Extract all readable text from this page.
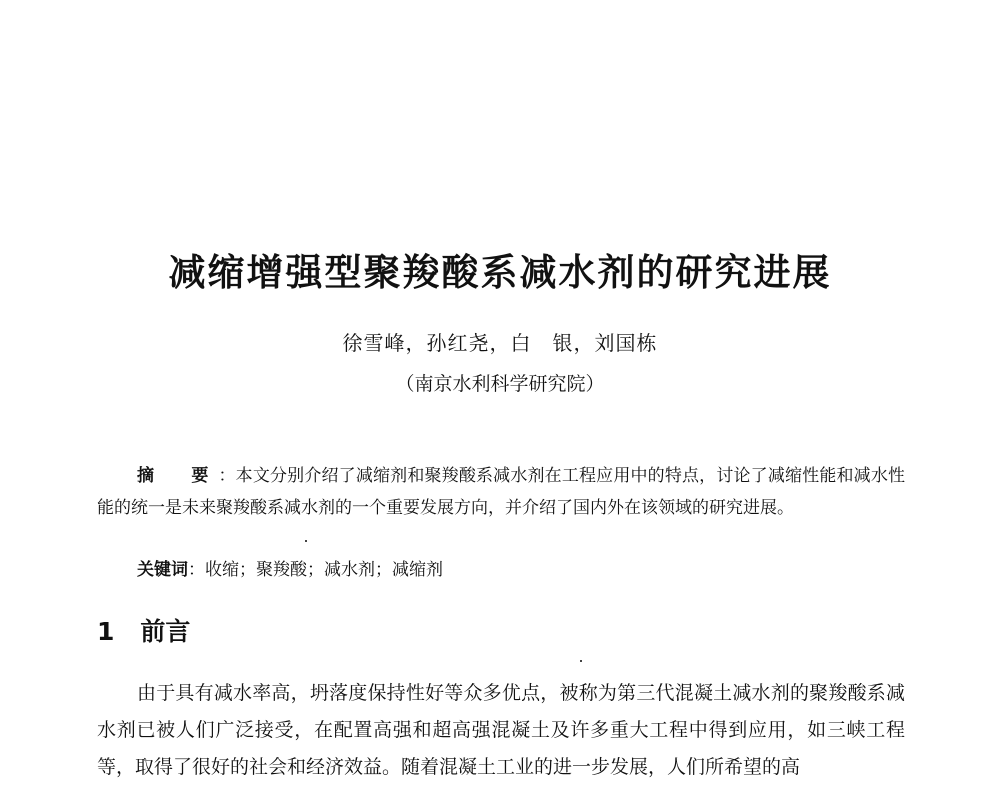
减缩增强型聚羧酸系减水剂的研究进展
徐雪峰，孙红尧，白　银，刘国栋
（南京水利科学研究院）
摘　要：本文分别介绍了减缩剂和聚羧酸系减水剂在工程应用中的特点，讨论了减缩性能和减水性能的统一是未来聚羧酸系减水剂的一个重要发展方向，并介绍了国内外在该领域的研究进展。
关键词：收缩；聚羧酸；减水剂；减缩剂
1 前言
由于具有减水率高，坍落度保持性好等众多优点，被称为第三代混凝土减水剂的聚羧酸系减水剂已被人们广泛接受，在配置高强和超高强混凝土及许多重大工程中得到应用，如三峡工程等，取得了很好的社会和经济效益。随着混凝土工业的进一步发展，人们所希望的高
